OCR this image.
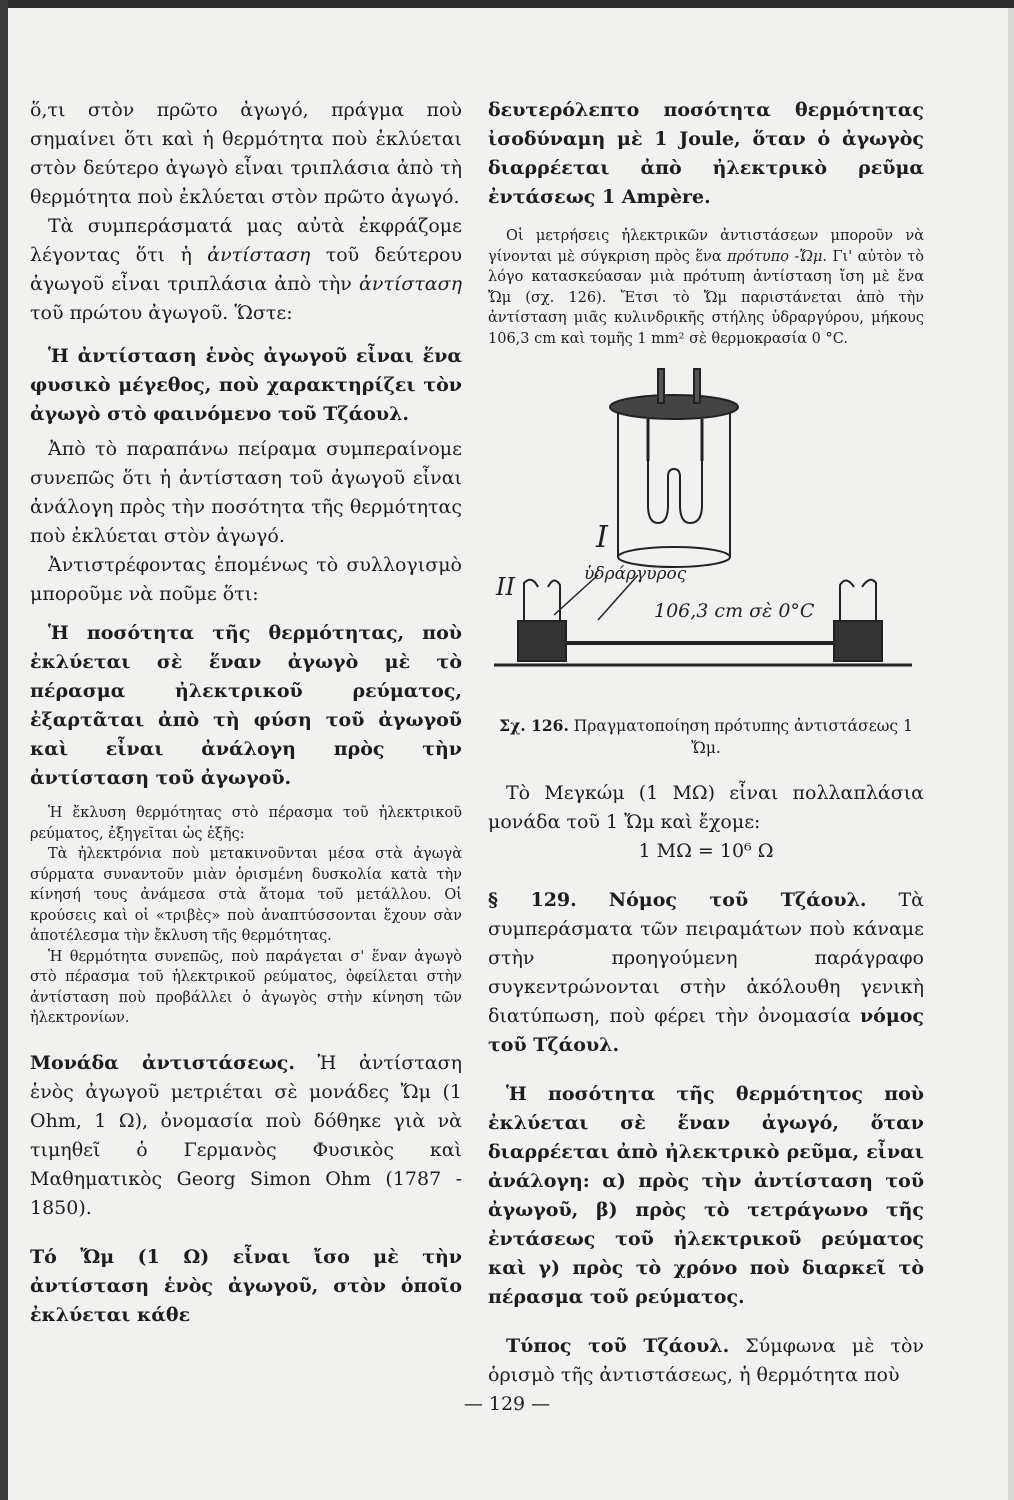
ὅ,τι στὸν πρῶτο ἀγωγό, πράγμα ποὺ σημαίνει ὅτι καὶ ἡ θερμότητα ποὺ ἐκλύεται στὸν δεύτερο ἀγωγὸ εἶναι τριπλάσια ἀπὸ τὴ θερμότητα ποὺ ἐκλύεται στὸν πρῶτο ἀγωγό.

Τὰ συμπεράσματά μας αὐτὰ ἐκφράζομε λέγοντας ὅτι ἡ ἀντίσταση τοῦ δεύτερου ἀγωγοῦ εἶναι τριπλάσια ἀπὸ τὴν ἀντίσταση τοῦ πρώτου ἀγωγοῦ. Ὥστε:

Ἡ ἀντίσταση ἑνὸς ἀγωγοῦ εἶναι ἕνα φυσικὸ μέγεθος, ποὺ χαρακτηρίζει τὸν ἀγωγὸ στὸ φαινόμενο τοῦ Τζάουλ.

Ἀπὸ τὸ παραπάνω πείραμα συμπεραίνομε συνεπῶς ὅτι ἡ ἀντίσταση τοῦ ἀγωγοῦ εἶναι ἀνάλογη πρὸς τὴν ποσότητα τῆς θερμότητας ποὺ ἐκλύεται στὸν ἀγωγό.

Ἀντιστρέφοντας ἑπομένως τὸ συλλογισμὸ μποροῦμε νὰ ποῦμε ὅτι:

Ἡ ποσότητα τῆς θερμότητας, ποὺ ἐκλύεται σὲ ἕναν ἀγωγὸ μὲ τὸ πέρασμα ἠλεκτρικοῦ ρεύματος, ἐξαρτᾶται ἀπὸ τὴ φύση τοῦ ἀγωγοῦ καὶ εἶναι ἀνάλογη πρὸς τὴν ἀντίσταση τοῦ ἀγωγοῦ.

Ἡ ἔκλυση θερμότητας στὸ πέρασμα τοῦ ἠλεκτρικοῦ ρεύματος, ἐξηγεῖται ὡς ἑξῆς:

Τὰ ἠλεκτρόνια ποὺ μετακινοῦνται μέσα στὰ ἀγωγὰ σύρματα συναντοῦν μιὰν ὁρισμένη δυσκολία κατὰ τὴν κίνησή τους ἀνάμεσα στὰ ἄτομα τοῦ μετάλλου. Οἱ κρούσεις καὶ οἱ «τριβὲς» ποὺ ἀναπτύσσονται ἔχουν σὰν ἀποτέλεσμα τὴν ἔκλυση τῆς θερμότητας.

Ἡ θερμότητα συνεπῶς, ποὺ παράγεται σ' ἕναν ἀγωγὸ στὸ πέρασμα τοῦ ἠλεκτρικοῦ ρεύματος, ὀφείλεται στὴν ἀντίσταση ποὺ προβάλλει ὁ ἀγωγὸς στὴν κίνηση τῶν ἠλεκτρονίων.

Μονάδα ἀντιστάσεως. Ἡ ἀντίσταση ἑνὸς ἀγωγοῦ μετριέται σὲ μονάδες Ὤμ (1 Ohm, 1 Ω), ὀνομασία ποὺ δόθηκε γιὰ νὰ τιμηθεῖ ὁ Γερμανὸς Φυσικὸς καὶ Μαθηματικὸς Georg Simon Ohm (1787 - 1850).

Τό Ὤμ (1 Ω) εἶναι ἴσο μὲ τὴν ἀντίσταση ἑνὸς ἀγωγοῦ, στὸν ὁποῖο ἐκλύεται κάθε

δευτερόλεπτο ποσότητα θερμότητας ἰσοδύναμη μὲ 1 Joule, ὅταν ὁ ἀγωγὸς διαρρέεται ἀπὸ ἠλεκτρικὸ ρεῦμα ἐντάσεως 1 Ampère.

Οἱ μετρήσεις ἠλεκτρικῶν ἀντιστάσεων μποροῦν νὰ γίνονται μὲ σύγκριση πρὸς ἕνα πρότυπο -Ὤμ. Γι' αὐτὸν τὸ λόγο κατασκεύασαν μιὰ πρότυπη ἀντίσταση ἴση μὲ ἕνα Ὤμ (σχ. 126). Ἔτσι τὸ Ὤμ παριστάνεται ἀπὸ τὴν ἀντίσταση μιᾶς κυλινδρικῆς στήλης ὑδραργύρου, μήκους 106,3 cm καὶ τομῆς 1 mm² σὲ θερμοκρασία 0 °C.

I
II	ὑδράργυρος
106,3 cm σὲ 0°C

Σχ. 126. Πραγματοποίηση πρότυπης ἀντιστάσεως 1 Ὤμ.

Τὸ Μεγκώμ (1 ΜΩ) εἶναι πολλαπλάσια μονάδα τοῦ 1 Ὤμ καὶ ἔχομε:

1 ΜΩ = 10⁶ Ω

§ 129. Νόμος τοῦ Τζάουλ. Τὰ συμπεράσματα τῶν πειραμάτων ποὺ κάναμε στὴν προηγούμενη παράγραφο συγκεντρώνονται στὴν ἀκόλουθη γενικὴ διατύπωση, ποὺ φέρει τὴν ὀνομασία νόμος τοῦ Τζάουλ.

Ἡ ποσότητα τῆς θερμότητος ποὺ ἐκλύεται σὲ ἕναν ἀγωγό, ὅταν διαρρέεται ἀπὸ ἠλεκτρικὸ ρεῦμα, εἶναι ἀνάλογη: α) πρὸς τὴν ἀντίσταση τοῦ ἀγωγοῦ, β) πρὸς τὸ τετράγωνο τῆς ἐντάσεως τοῦ ἠλεκτρικοῦ ρεύματος καὶ γ) πρὸς τὸ χρόνο ποὺ διαρκεῖ τὸ πέρασμα τοῦ ρεύματος.

Τύπος τοῦ Τζάουλ. Σύμφωνα μὲ τὸν ὁρισμὸ τῆς ἀντιστάσεως, ἡ θερμότητα ποὺ

— 129 —
